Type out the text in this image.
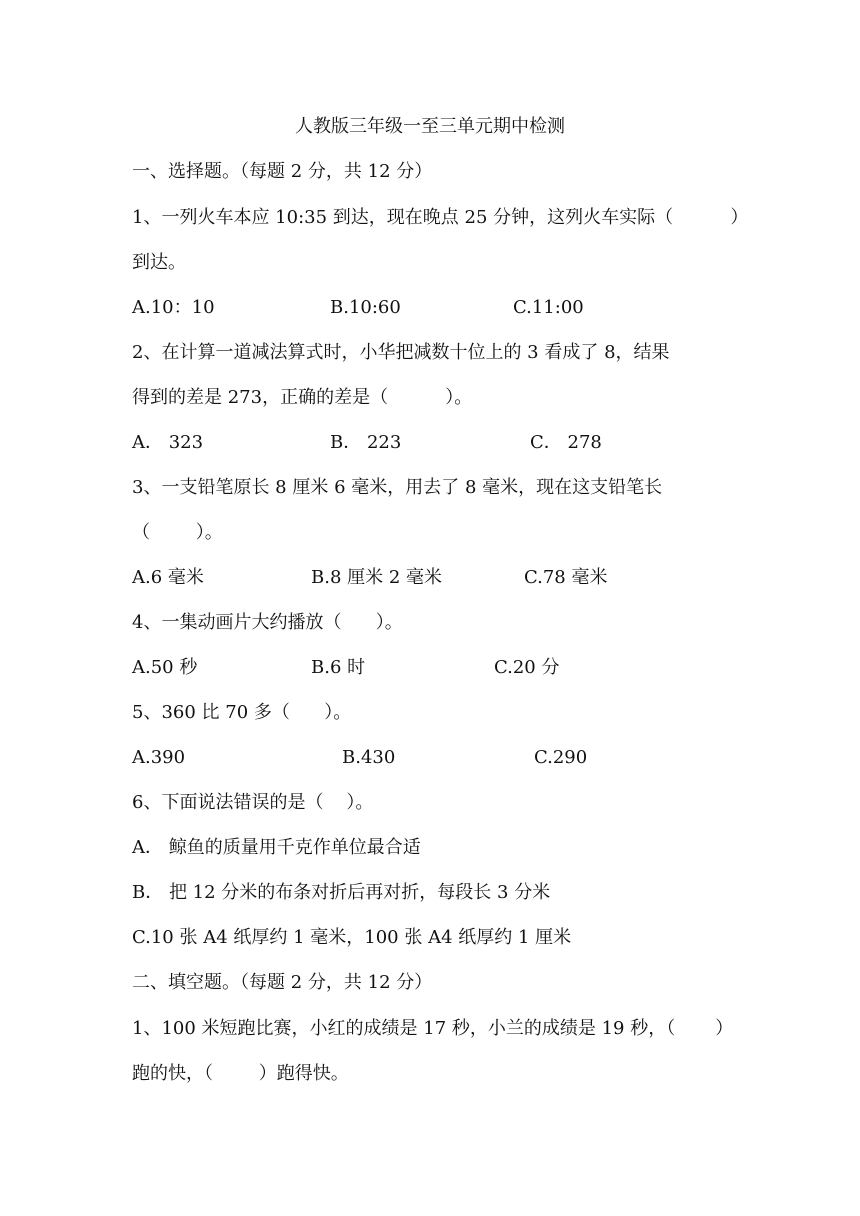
人教版三年级一至三单元期中检测
一、选择题。（每题 2 分，共 12 分）
1、一列火车本应 10:35 到达，现在晚点 25 分钟，这列火车实际（          ）
到达。
A.10：10	B.10:60	C.11:00
2、在计算一道减法算式时，小华把减数十位上的 3 看成了 8，结果
得到的差是 273，正确的差是（          ）。
A． 323	B． 223	C． 278
3、一支铅笔原长 8 厘米 6 毫米，用去了 8 毫米，现在这支铅笔长
（        ）。
A.6 毫米	B.8 厘米 2 毫米	C.78 毫米
4、一集动画片大约播放（      ）。
A.50 秒	B.6 时	C.20 分
5、360 比 70 多（      ）。
A.390	B.430	C.290
6、下面说法错误的是（    ）。
A． 鲸鱼的质量用千克作单位最合适
B． 把 12 分米的布条对折后再对折，每段长 3 分米
C.10 张 A4 纸厚约 1 毫米，100 张 A4 纸厚约 1 厘米
二、填空题。（每题 2 分，共 12 分）
1、100 米短跑比赛，小红的成绩是 17 秒，小兰的成绩是 19 秒，（       ）
跑的快，（        ）跑得快。
